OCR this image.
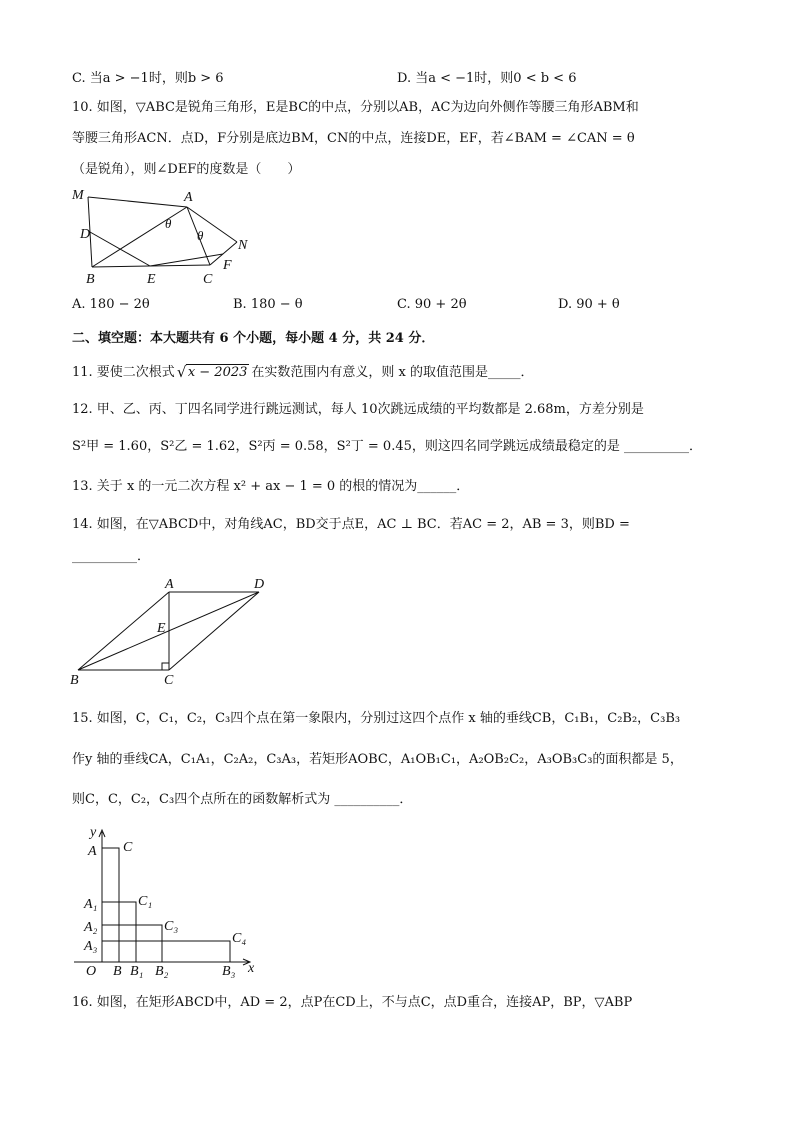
C. 当a > −1时，则b > 6	D. 当a < −1时，则0 < b < 6
10. 如图，▽ABC是锐角三角形，E是BC的中点，分别以AB，AC为边向外侧作等腰三角形ABM和
等腰三角形ACN．点D，F分别是底边BM，CN的中点，连接DE，EF，若∠BAM = ∠CAN = θ
（是锐角），则∠DEF的度数是（　　）
M	A
θ
θ
N
D
F
B	E	C
A. 180 − 2θ	B. 180 − θ	C. 90 + 2θ	D. 90 + θ
二、填空题：本大题共有 6 个小题，每小题 4 分，共 24 分．
11. 要使二次根式 √ x − 2023 在实数范围内有意义，则 x 的取值范围是_____．
12. 甲、乙、丙、丁四名同学进行跳远测试，每人 10次跳远成绩的平均数都是 2.68m，方差分别是
S²甲 = 1.60，S²乙 = 1.62，S²丙 = 0.58，S²丁 = 0.45，则这四名同学跳远成绩最稳定的是 __________．
13. 关于 x 的一元二次方程 x² + ax − 1 = 0 的根的情况为______．
14. 如图，在▽ABCD中，对角线AC，BD交于点E，AC ⊥ BC．若AC = 2，AB = 3，则BD =
__________．
A	D
E
B	C
15. 如图，C，C₁，C₂，C₃四个点在第一象限内，分别过这四个点作 x 轴的垂线CB，C₁B₁，C₂B₂，C₃B₃
作y 轴的垂线CA，C₁A₁，C₂A₂，C₃A₃，若矩形AOBC，A₁OB₁C₁，A₂OB₂C₂，A₃OB₃C₃的面积都是 5，
则C，C，C₂，C₃四个点所在的函数解析式为 __________．
y
A C
A₁	C₁
A₂	C₃
A₃
C₄
O B B₁ B₂	B₃ x
16. 如图，在矩形ABCD中，AD = 2，点P在CD上，不与点C，点D重合，连接AP，BP，▽ABP
